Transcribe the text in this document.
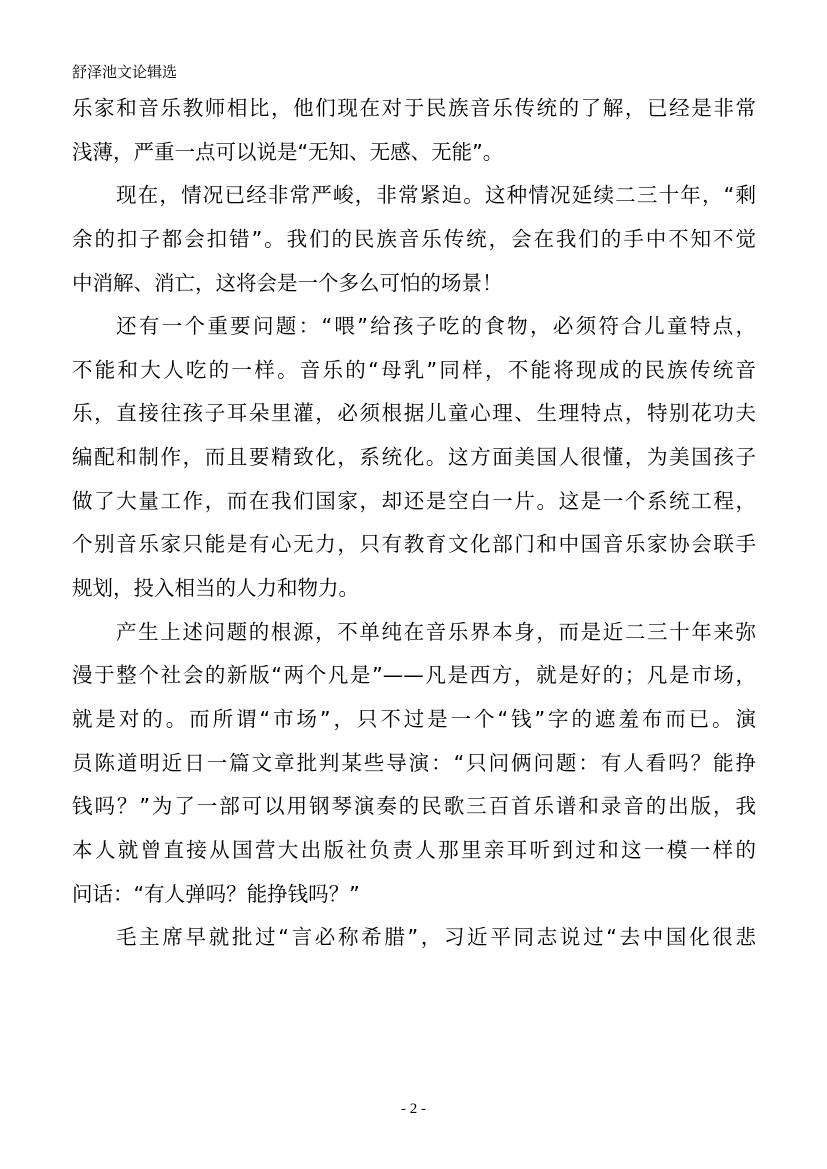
舒泽池文论辑选
乐家和音乐教师相比，他们现在对于民族音乐传统的了解，已经是非常
浅薄，严重一点可以说是“无知、无感、无能”。
现在，情况已经非常严峻，非常紧迫。这种情况延续二三十年，“剩
余的扣子都会扣错”。我们的民族音乐传统，会在我们的手中不知不觉
中消解、消亡，这将会是一个多么可怕的场景！
还有一个重要问题：“喂”给孩子吃的食物，必须符合儿童特点，
不能和大人吃的一样。音乐的“母乳”同样，不能将现成的民族传统音
乐，直接往孩子耳朵里灌，必须根据儿童心理、生理特点，特别花功夫
编配和制作，而且要精致化，系统化。这方面美国人很懂，为美国孩子
做了大量工作，而在我们国家，却还是空白一片。这是一个系统工程，
个别音乐家只能是有心无力，只有教育文化部门和中国音乐家协会联手
规划，投入相当的人力和物力。
产生上述问题的根源，不单纯在音乐界本身，而是近二三十年来弥
漫于整个社会的新版“两个凡是”——凡是西方，就是好的；凡是市场，
就是对的。而所谓“市场”，只不过是一个“钱”字的遮羞布而已。演
员陈道明近日一篇文章批判某些导演：“只问俩问题：有人看吗？能挣
钱吗？”为了一部可以用钢琴演奏的民歌三百首乐谱和录音的出版，我
本人就曾直接从国营大出版社负责人那里亲耳听到过和这一模一样的
问话：“有人弹吗？能挣钱吗？”
毛主席早就批过“言必称希腊”，习近平同志说过“去中国化很悲
- 2 -
